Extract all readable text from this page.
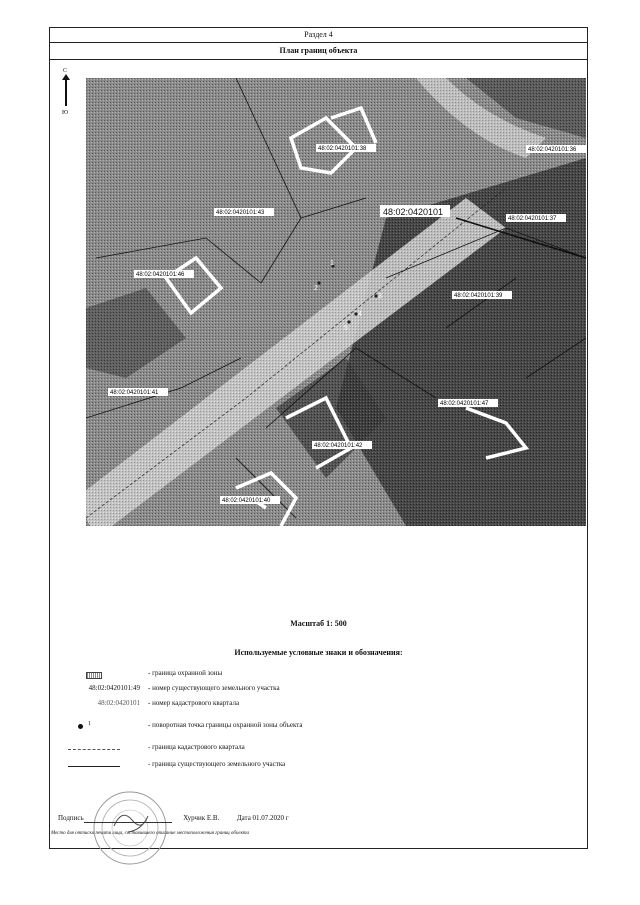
Раздел 4
План границ объекта
С
Ю
1
2
3
4
5
48:02:0420101:38	48:02:0420101:36
48:02:0420101:43
48:02:0420101:37
48:02:0420101:46
48:02:0420101:39
48:02:0420101:41
48:02:0420101:47
48:02:0420101:42
48:02:0420101:40
48:02:0420101
Масштаб 1: 500
Используемые условные знаки и обозначения:
- граница охранной зоны
48:02:0420101:49 - номер существующего земельного участка
48:02:0420101 - номер кадастрового квартала
1	- поворотная точка границы охранной зоны объекта
- граница кадастрового квартала
- граница существующего земельного участка
Подпись	Хурчик Е.В.	Дата 01.07.2020 г
Место для оттиска печати лица, составившего описание местоположения границ объекта
